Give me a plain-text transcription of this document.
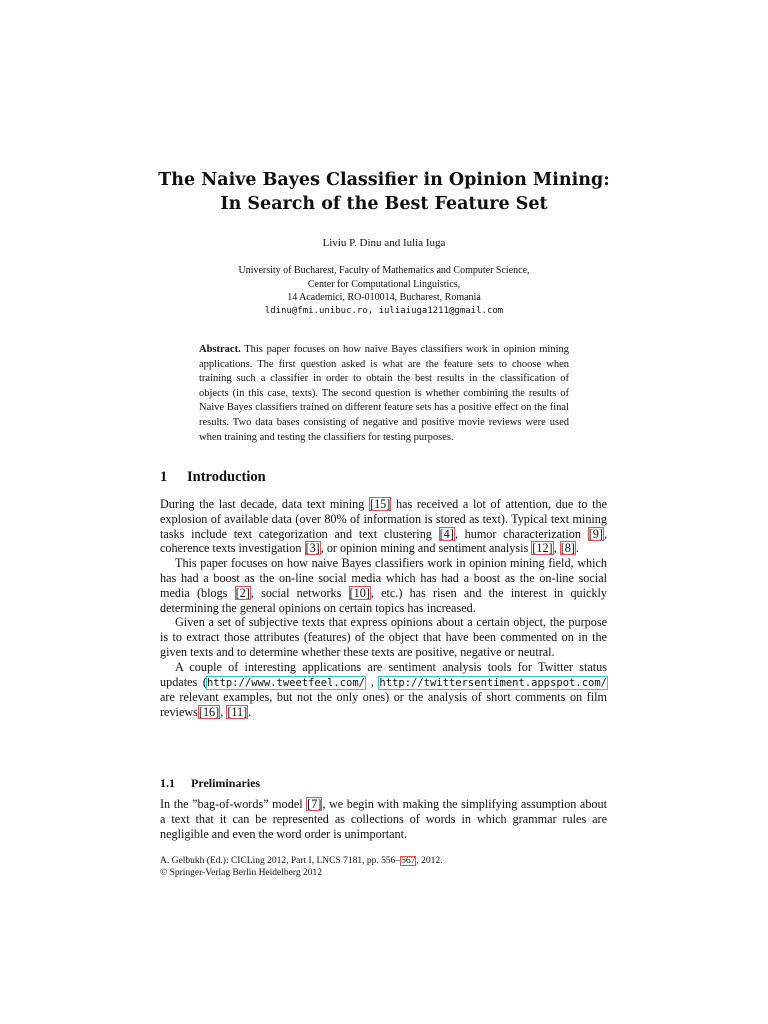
The Naive Bayes Classifier in Opinion Mining:
In Search of the Best Feature Set
Liviu P. Dinu and Iulia Iuga
University of Bucharest, Faculty of Mathematics and Computer Science,
Center for Computational Linguistics,
14 Academici, RO-010014, Bucharest, Romania
ldinu@fmi.unibuc.ro, iuliaiuga1211@gmail.com
Abstract. This paper focuses on how naive Bayes classifiers work in opinion mining applications. The first question asked is what are the feature sets to choose when training such a classifier in order to obtain the best results in the classification of objects (in this case, texts). The second question is whether combining the results of Naive Bayes classifiers trained on different feature sets has a positive effect on the final results. Two data bases consisting of negative and positive movie reviews were used when training and testing the classifiers for testing purposes.
1 Introduction

During the last decade, data text mining [15] has received a lot of attention, due to the explosion of available data (over 80% of information is stored as text). Typical text mining tasks include text categorization and text clustering [4], humor characterization [9], coherence texts investigation [3], or opinion mining and sentiment analysis [12], [8].

This paper focuses on how naive Bayes classifiers work in opinion mining field, which has had a boost as the on-line social media which has had a boost as the on-line social media (blogs [2], social networks [10], etc.) has risen and the interest in quickly determining the general opinions on certain topics has increased.

Given a set of subjective texts that express opinions about a certain object, the purpose is to extract those attributes (features) of the object that have been commented on in the given texts and to determine whether these texts are positive, negative or neutral.

A couple of interesting applications are sentiment analysis tools for Twitter status updates (http://www.tweetfeel.com/ , http://twittersentiment.appspot.com/ are relevant examples, but not the only ones) or the analysis of short comments on film reviews[16], [11].

1.1 Preliminaries

In the ”bag-of-words” model [7], we begin with making the simplifying assumption about a text that it can be represented as collections of words in which grammar rules are negligible and even the word order is unimportant.

A. Gelbukh (Ed.): CICLing 2012, Part I, LNCS 7181, pp. 556–567, 2012.
© Springer-Verlag Berlin Heidelberg 2012
